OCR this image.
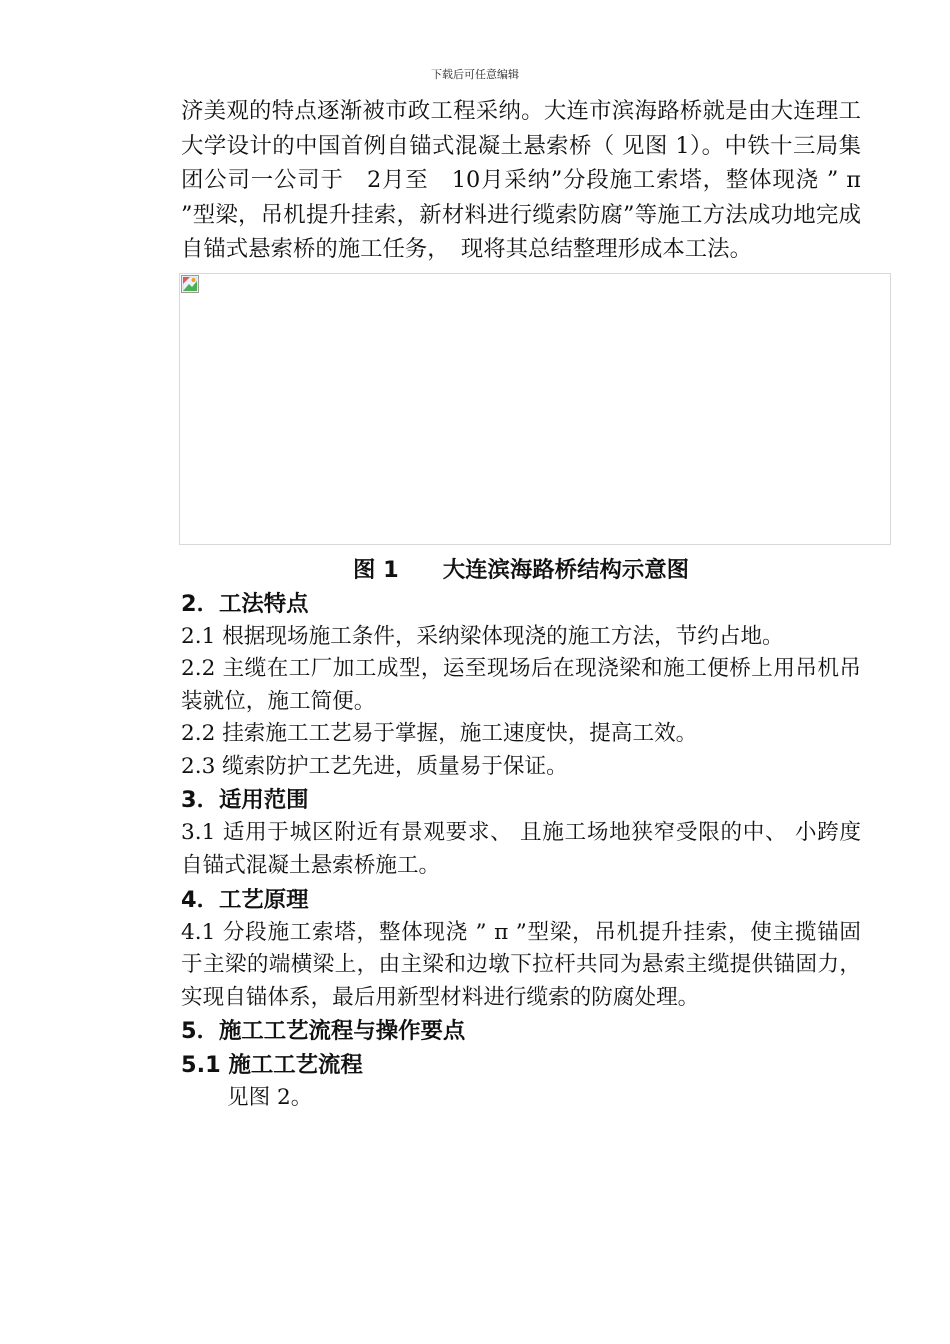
下载后可任意编辑

济美观的特点逐渐被市政工程采纳。大连市滨海路桥就是由大连理工大学设计的中国首例自锚式混凝土悬索桥（ 见图 1）。中铁十三局集团公司一公司于　2月至　10月采纳”分段施工索塔，整体现浇 ” π ”型梁，吊机提升挂索，新材料进行缆索防腐”等施工方法成功地完成自锚式悬索桥的施工任务，　现将其总结整理形成本工法。

图 1 大连滨海路桥结构示意图

2．工法特点

2.1 根据现场施工条件，采纳梁体现浇的施工方法，节约占地。

2.2 主缆在工厂加工成型，运至现场后在现浇梁和施工便桥上用吊机吊装就位，施工简便。

2.2 挂索施工工艺易于掌握，施工速度快，提高工效。

2.3 缆索防护工艺先进，质量易于保证。

3．适用范围

3.1 适用于城区附近有景观要求、 且施工场地狭窄受限的中、 小跨度自锚式混凝土悬索桥施工。

4．工艺原理

4.1 分段施工索塔，整体现浇 ” π ”型梁，吊机提升挂索，使主揽锚固于主梁的端横梁上，由主梁和边墩下拉杆共同为悬索主缆提供锚固力，实现自锚体系，最后用新型材料进行缆索的防腐处理。

5．施工工艺流程与操作要点

5.1 施工工艺流程

见图 2。
